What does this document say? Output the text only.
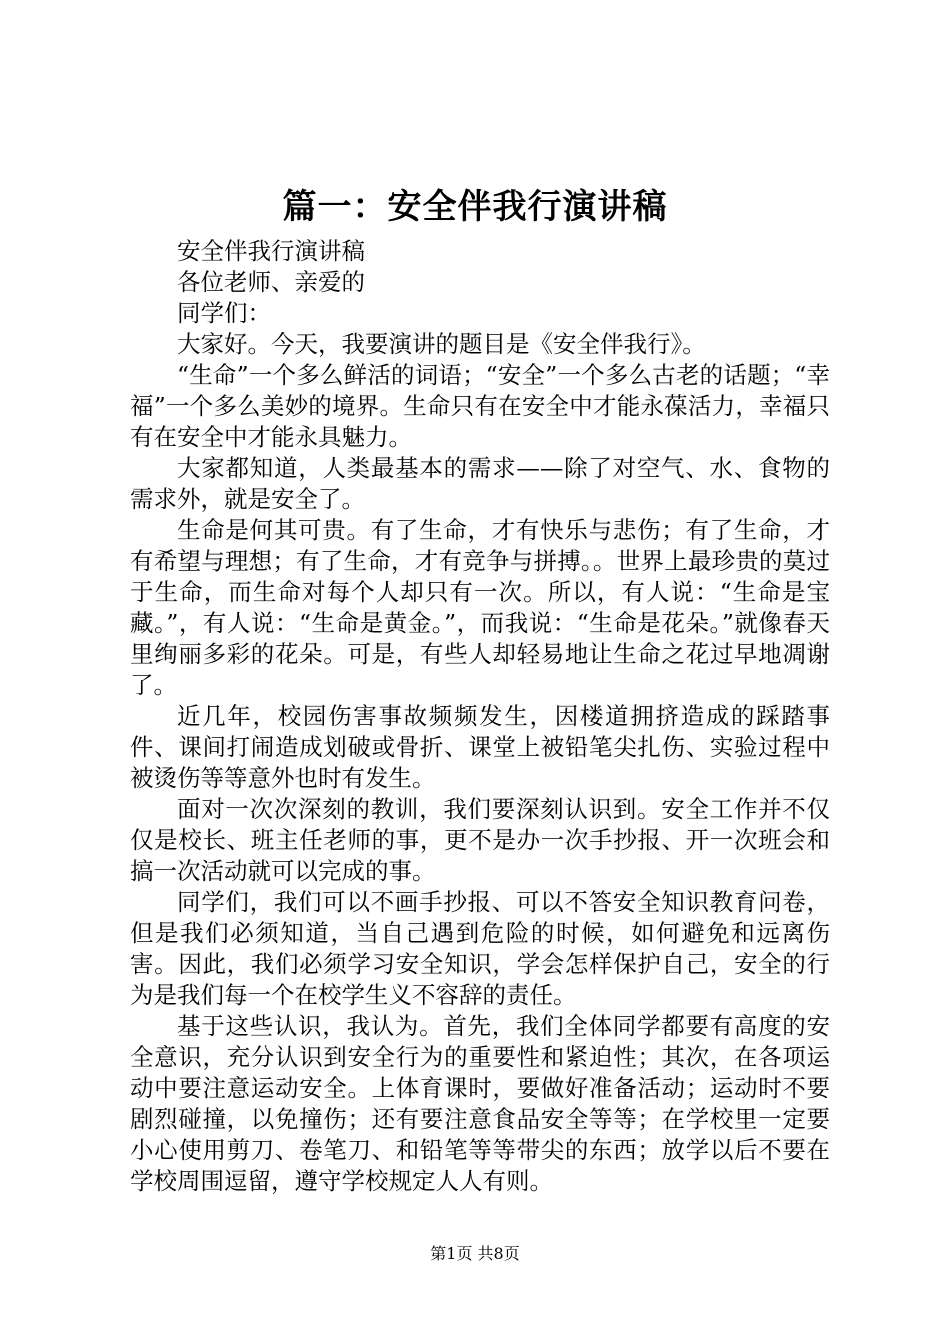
篇一：安全伴我行演讲稿

安全伴我行演讲稿

各位老师、亲爱的

同学们：

大家好。今天，我要演讲的题目是《安全伴我行》。

“生命”一个多么鲜活的词语；“安全”一个多么古老的话题；“幸福”一个多么美妙的境界。生命只有在安全中才能永葆活力，幸福只有在安全中才能永具魅力。

大家都知道，人类最基本的需求——除了对空气、水、食物的需求外，就是安全了。

生命是何其可贵。有了生命，才有快乐与悲伤；有了生命，才有希望与理想；有了生命，才有竞争与拼搏。。世界上最珍贵的莫过于生命，而生命对每个人却只有一次。所以，有人说：“生命是宝藏。”，有人说：“生命是黄金。”，而我说：“生命是花朵。”就像春天里绚丽多彩的花朵。可是，有些人却轻易地让生命之花过早地凋谢了。

近几年，校园伤害事故频频发生，因楼道拥挤造成的踩踏事件、课间打闹造成划破或骨折、课堂上被铅笔尖扎伤、实验过程中被烫伤等等意外也时有发生。

面对一次次深刻的教训，我们要深刻认识到。安全工作并不仅仅是校长、班主任老师的事，更不是办一次手抄报、开一次班会和搞一次活动就可以完成的事。

同学们，我们可以不画手抄报、可以不答安全知识教育问卷，但是我们必须知道，当自己遇到危险的时候，如何避免和远离伤害。因此，我们必须学习安全知识，学会怎样保护自己，安全的行为是我们每一个在校学生义不容辞的责任。

基于这些认识，我认为。首先，我们全体同学都要有高度的安全意识，充分认识到安全行为的重要性和紧迫性；其次，在各项运动中要注意运动安全。上体育课时，要做好准备活动；运动时不要剧烈碰撞，以免撞伤；还有要注意食品安全等等；在学校里一定要小心使用剪刀、卷笔刀、和铅笔等等带尖的东西；放学以后不要在学校周围逗留，遵守学校规定人人有则。

第1页 共8页
